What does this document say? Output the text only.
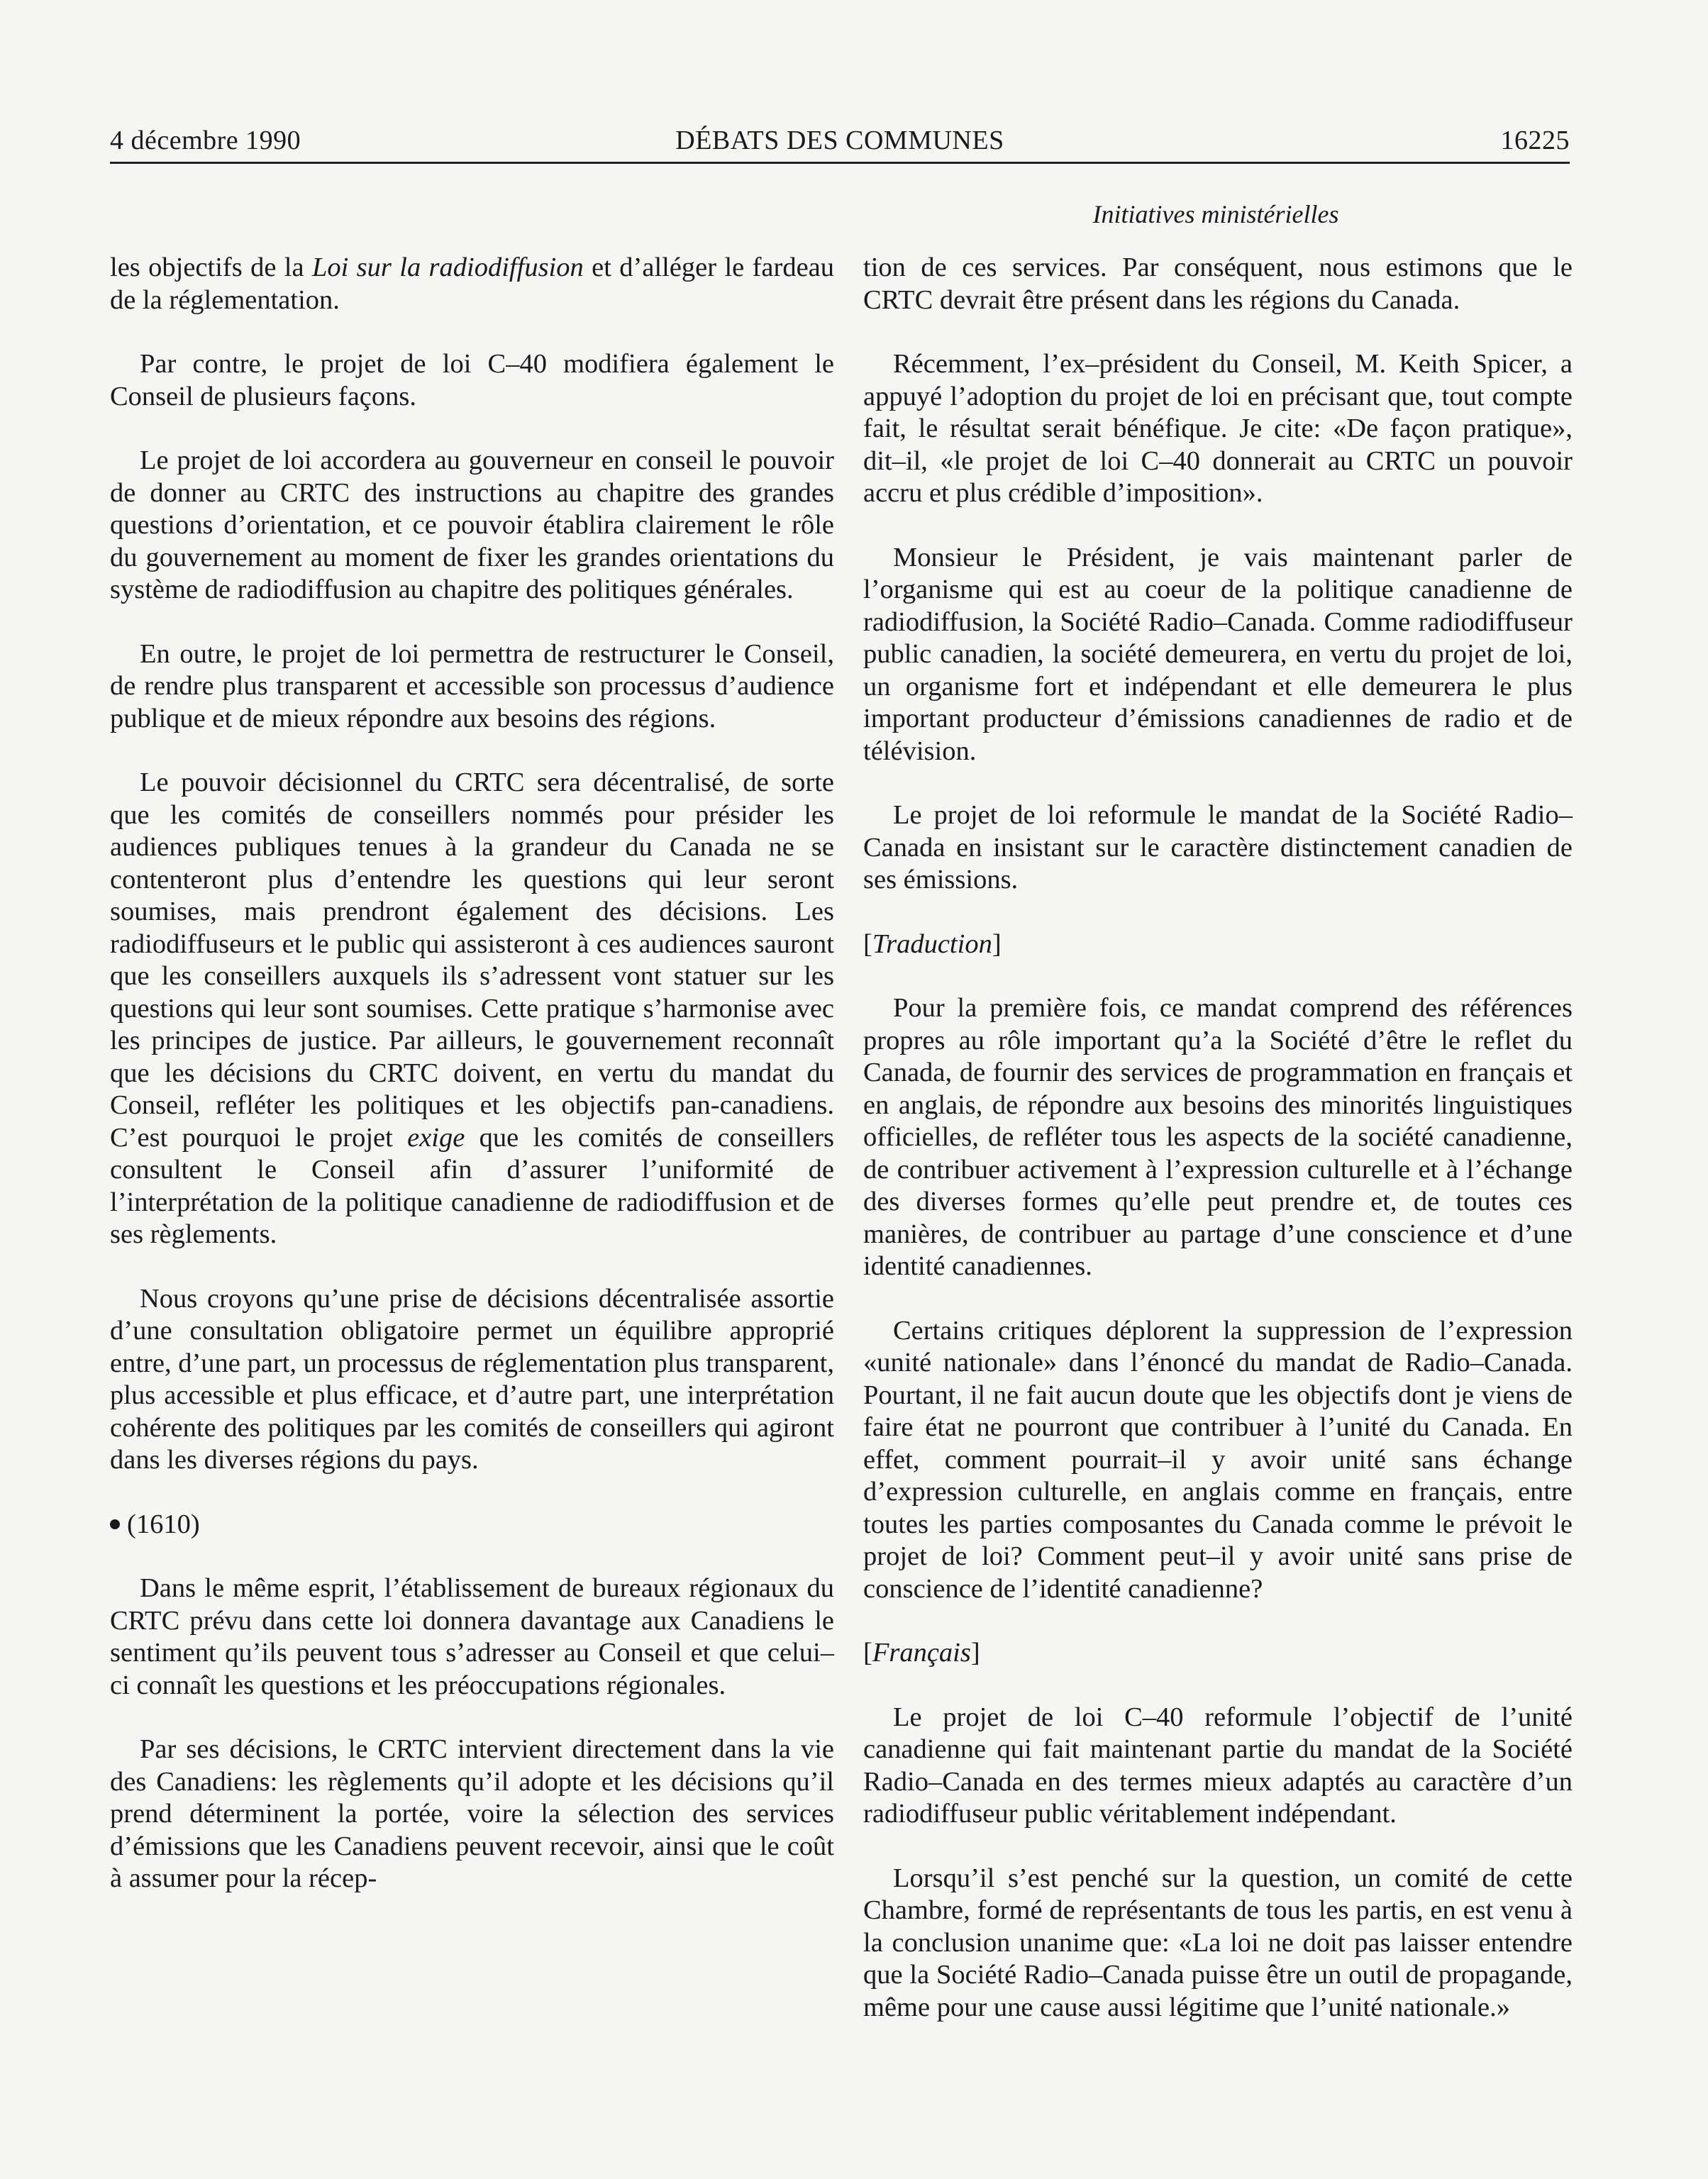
4 décembre 1990	DÉBATS DES COMMUNES	16225
Initiatives ministérielles

les objectifs de la Loi sur la radiodiffusion et d’alléger le fardeau de la réglementation.

Par contre, le projet de loi C–40 modifiera également le Conseil de plusieurs façons.

Le projet de loi accordera au gouverneur en conseil le pouvoir de donner au CRTC des instructions au chapitre des grandes questions d’orientation, et ce pouvoir établira clairement le rôle du gouvernement au moment de fixer les grandes orientations du système de radiodiffusion au chapitre des politiques générales.

En outre, le projet de loi permettra de restructurer le Conseil, de rendre plus transparent et accessible son processus d’audience publique et de mieux répondre aux besoins des régions.

Le pouvoir décisionnel du CRTC sera décentralisé, de sorte que les comités de conseillers nommés pour présider les audiences publiques tenues à la grandeur du Canada ne se contenteront plus d’entendre les questions qui leur seront soumises, mais prendront également des décisions. Les radiodiffuseurs et le public qui assisteront à ces audiences sauront que les conseillers auxquels ils s’adressent vont statuer sur les questions qui leur sont soumises. Cette pratique s’harmonise avec les principes de justice. Par ailleurs, le gouvernement reconnaît que les décisions du CRTC doivent, en vertu du mandat du Conseil, refléter les politiques et les objectifs pan-canadiens. C’est pourquoi le projet exige que les comités de conseillers consultent le Conseil afin d’assurer l’uniformité de l’interprétation de la politique canadienne de radiodiffusion et de ses règlements.

Nous croyons qu’une prise de décisions décentralisée assortie d’une consultation obligatoire permet un équilibre approprié entre, d’une part, un processus de réglementation plus transparent, plus accessible et plus efficace, et d’autre part, une interprétation cohérente des politiques par les comités de conseillers qui agiront dans les diverses régions du pays.

(1610)

Dans le même esprit, l’établissement de bureaux régionaux du CRTC prévu dans cette loi donnera davantage aux Canadiens le sentiment qu’ils peuvent tous s’adresser au Conseil et que celui–ci connaît les questions et les préoccupations régionales.

Par ses décisions, le CRTC intervient directement dans la vie des Canadiens: les règlements qu’il adopte et les décisions qu’il prend déterminent la portée, voire la sélection des services d’émissions que les Canadiens peuvent recevoir, ainsi que le coût à assumer pour la récep-

tion de ces services. Par conséquent, nous estimons que le CRTC devrait être présent dans les régions du Canada.

Récemment, l’ex–président du Conseil, M. Keith Spicer, a appuyé l’adoption du projet de loi en précisant que, tout compte fait, le résultat serait bénéfique. Je cite: «De façon pratique», dit–il, «le projet de loi C–40 donnerait au CRTC un pouvoir accru et plus crédible d’imposition».

Monsieur le Président, je vais maintenant parler de l’organisme qui est au coeur de la politique canadienne de radiodiffusion, la Société Radio–Canada. Comme radiodiffuseur public canadien, la société demeurera, en vertu du projet de loi, un organisme fort et indépendant et elle demeurera le plus important producteur d’émissions canadiennes de radio et de télévision.

Le projet de loi reformule le mandat de la Société Radio–Canada en insistant sur le caractère distinctement canadien de ses émissions.

[Traduction]

Pour la première fois, ce mandat comprend des références propres au rôle important qu’a la Société d’être le reflet du Canada, de fournir des services de programmation en français et en anglais, de répondre aux besoins des minorités linguistiques officielles, de refléter tous les aspects de la société canadienne, de contribuer activement à l’expression culturelle et à l’échange des diverses formes qu’elle peut prendre et, de toutes ces manières, de contribuer au partage d’une conscience et d’une identité canadiennes.

Certains critiques déplorent la suppression de l’expression «unité nationale» dans l’énoncé du mandat de Radio–Canada. Pourtant, il ne fait aucun doute que les objectifs dont je viens de faire état ne pourront que contribuer à l’unité du Canada. En effet, comment pourrait–il y avoir unité sans échange d’expression culturelle, en anglais comme en français, entre toutes les parties composantes du Canada comme le prévoit le projet de loi? Comment peut–il y avoir unité sans prise de conscience de l’identité canadienne?

[Français]

Le projet de loi C–40 reformule l’objectif de l’unité canadienne qui fait maintenant partie du mandat de la Société Radio–Canada en des termes mieux adaptés au caractère d’un radiodiffuseur public véritablement indépendant.

Lorsqu’il s’est penché sur la question, un comité de cette Chambre, formé de représentants de tous les partis, en est venu à la conclusion unanime que: «La loi ne doit pas laisser entendre que la Société Radio–Canada puisse être un outil de propagande, même pour une cause aussi légitime que l’unité nationale.»
